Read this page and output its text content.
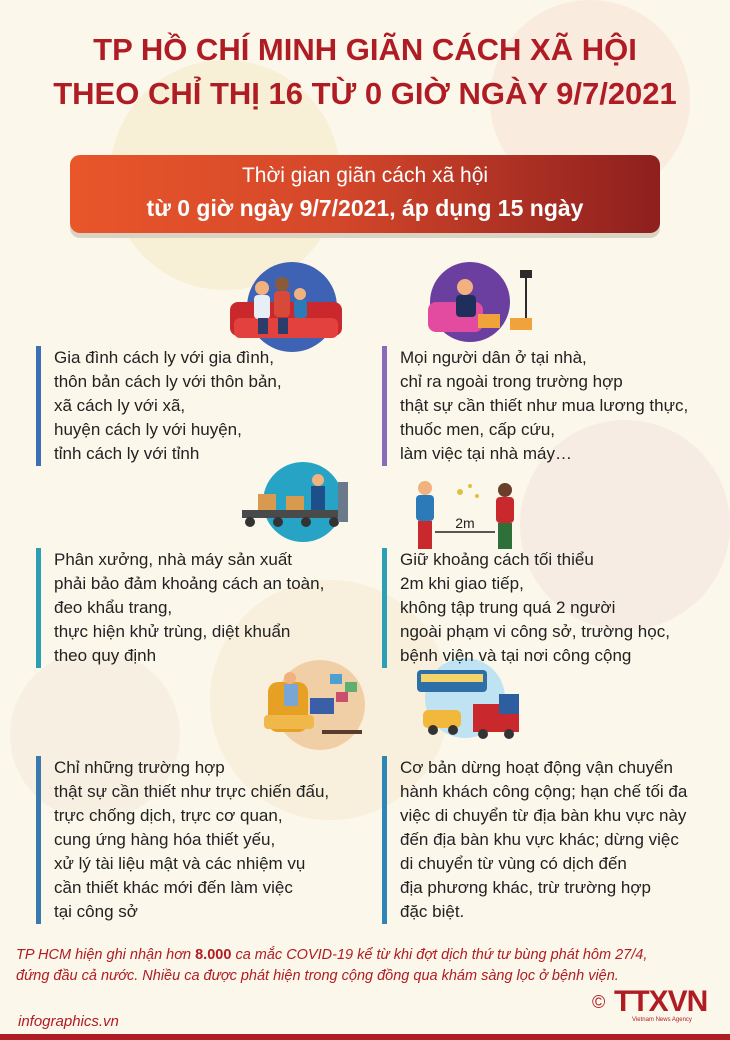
TP HỒ CHÍ MINH GIÃN CÁCH XÃ HỘI
THEO CHỈ THỊ 16 TỪ 0 GIỜ NGÀY 9/7/2021
Thời gian giãn cách xã hội
từ 0 giờ ngày 9/7/2021, áp dụng 15 ngày
2m
Gia đình cách ly với gia đình,
thôn bản cách ly với thôn bản,
xã cách ly với xã,
huyện cách ly với huyện,
tỉnh cách ly với tỉnh
Mọi người dân ở tại nhà,
chỉ ra ngoài trong trường hợp
thật sự cần thiết như mua lương thực,
thuốc men, cấp cứu,
làm việc tại nhà máy…
Phân xưởng, nhà máy sản xuất
phải bảo đảm khoảng cách an toàn,
đeo khẩu trang,
thực hiện khử trùng, diệt khuẩn
theo quy định
Giữ khoảng cách tối thiểu
2m khi giao tiếp,
không tập trung quá 2 người
ngoài phạm vi công sở, trường học,
bệnh viện và tại nơi công cộng
Chỉ những trường hợp
thật sự cần thiết như trực chiến đấu,
trực chống dịch, trực cơ quan,
cung ứng hàng hóa thiết yếu,
xử lý tài liệu mật và các nhiệm vụ
cần thiết khác mới đến làm việc
tại công sở
Cơ bản dừng hoạt động vận chuyển
hành khách công cộng; hạn chế tối đa
việc di chuyển từ địa bàn khu vực này
đến địa bàn khu vực khác; dừng việc
di chuyển từ vùng có dịch đến
địa phương khác, trừ trường hợp
đặc biệt.
TP HCM hiện ghi nhận hơn 8.000 ca mắc COVID-19 kể từ khi đợt dịch thứ tư bùng phát hôm 27/4,
đứng đầu cả nước. Nhiều ca được phát hiện trong cộng đồng qua khám sàng lọc ở bệnh viện.
infographics.vn
© TTXVN
Vietnam News Agency
